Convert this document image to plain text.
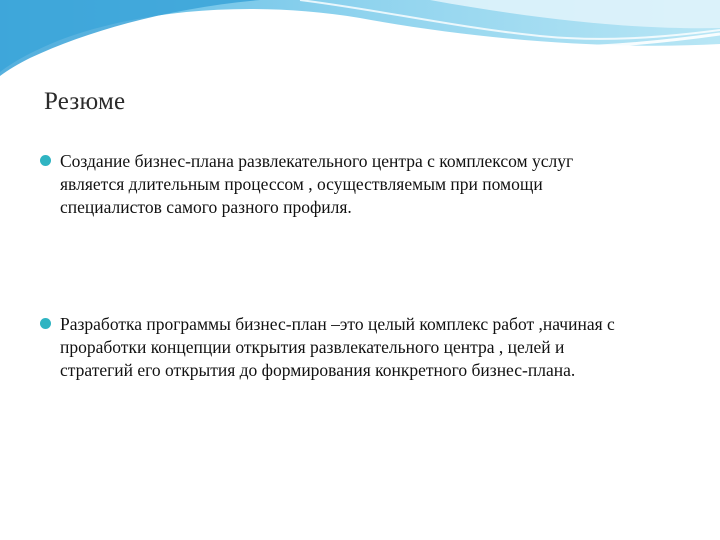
Резюме
Создание бизнес-плана развлекательного центра с комплексом услуг является длительным процессом , осуществляемым при помощи специалистов самого разного профиля.
Разработка программы бизнес-план –это целый комплекс работ ,начиная с проработки концепции открытия развлекательного центра , целей и стратегий его открытия до формирования конкретного бизнес-плана.
